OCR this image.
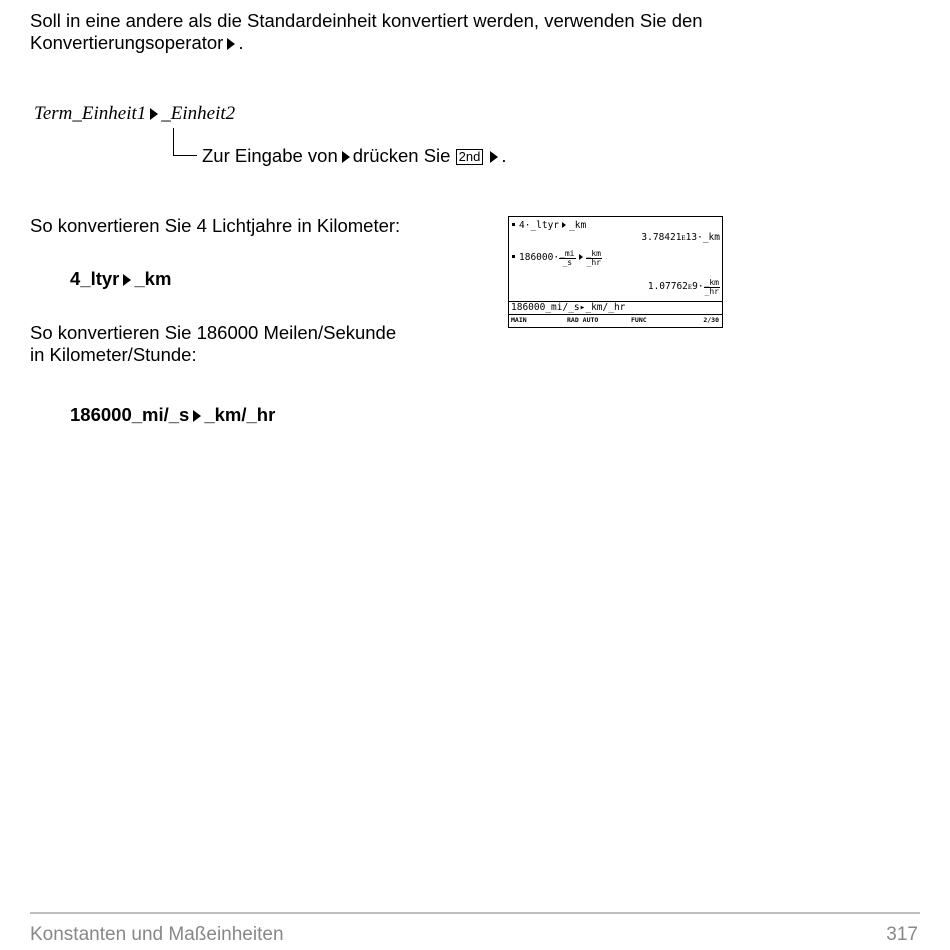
Soll in eine andere als die Standardeinheit konvertiert werden, verwenden Sie den
Konvertierungsoperator .
Term_Einheit1 _Einheit2
Zur Eingabe von drücken Sie 2nd .
So konvertieren Sie 4 Lichtjahre in Kilometer:
4_ltyr _km
So konvertieren Sie 186000 Meilen/Sekunde
in Kilometer/Stunde:
186000_mi/_s _km/_hr
4·_ltyr _km
3.78421ᴇ13·_km
$186000\cdot \frac{\_mi}{\_s} \frac{\_km}{\_hr}$
1.07762ᴇ9· $\frac{\_km}{\_hr}$
186000_mi/_s▸_km/_hr
MAIN	RAD AUTO	FUNC	2/30
Konstanten und Maßeinheiten	317
